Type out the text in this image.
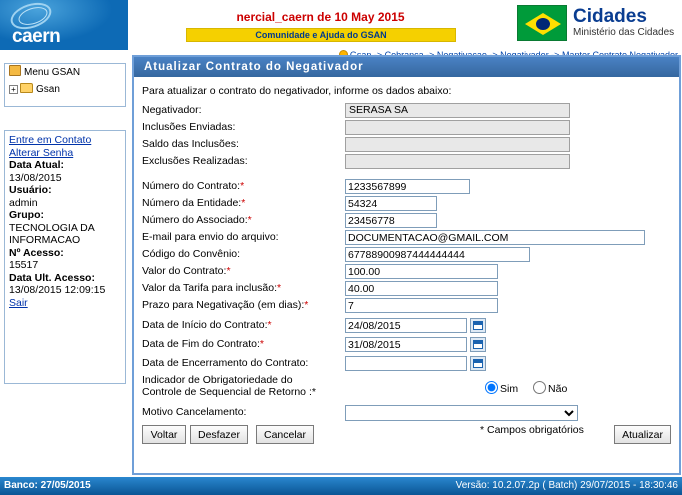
caern
nercial_caern de 10 May 2015
Comunidade e Ajuda do GSAN
Cidades
Ministério das Cidades
Menu GSAN
+ Gsan
Entre em Contato
Alterar Senha
Data Atual:
13/08/2015
Usuário:
admin
Grupo:
TECNOLOGIA DA INFORMACAO
Nº Acesso:
15517
Data Ult. Acesso:
13/08/2015 12:09:15
Sair
Atualizar Contrato do Negativador
Para atualizar o contrato do negativador, informe os dados abaixo:
Negativador:	SERASA SA
Inclusões Enviadas:
Saldo das Inclusões:
Exclusões Realizadas:
Número do Contrato:*
1233567899
Número da Entidade:*
54324
Número do Associado:*
23456778
E-mail para envio do arquivo:
DOCUMENTACAO@GMAIL.COM
Código do Convênio:
67788900987444444444
Valor do Contrato:*
100.00
Valor da Tarifa para inclusão:*
40.00
Prazo para Negativação (em dias):*
7
Data de Início do Contrato:*
24/08/2015
Data de Fim do Contrato:*
31/08/2015
Data de Encerramento do Contrato:
Indicador de Obrigatoriedade do
Controle de Sequencial de Retorno :*	Sim	Não
Motivo Cancelamento:
* Campos obrigatórios
Voltar	Desfazer	Cancelar	Atualizar
Banco: 27/05/2015	Versão: 10.2.07.2p ( Batch) 29/07/2015 - 18:30:46
